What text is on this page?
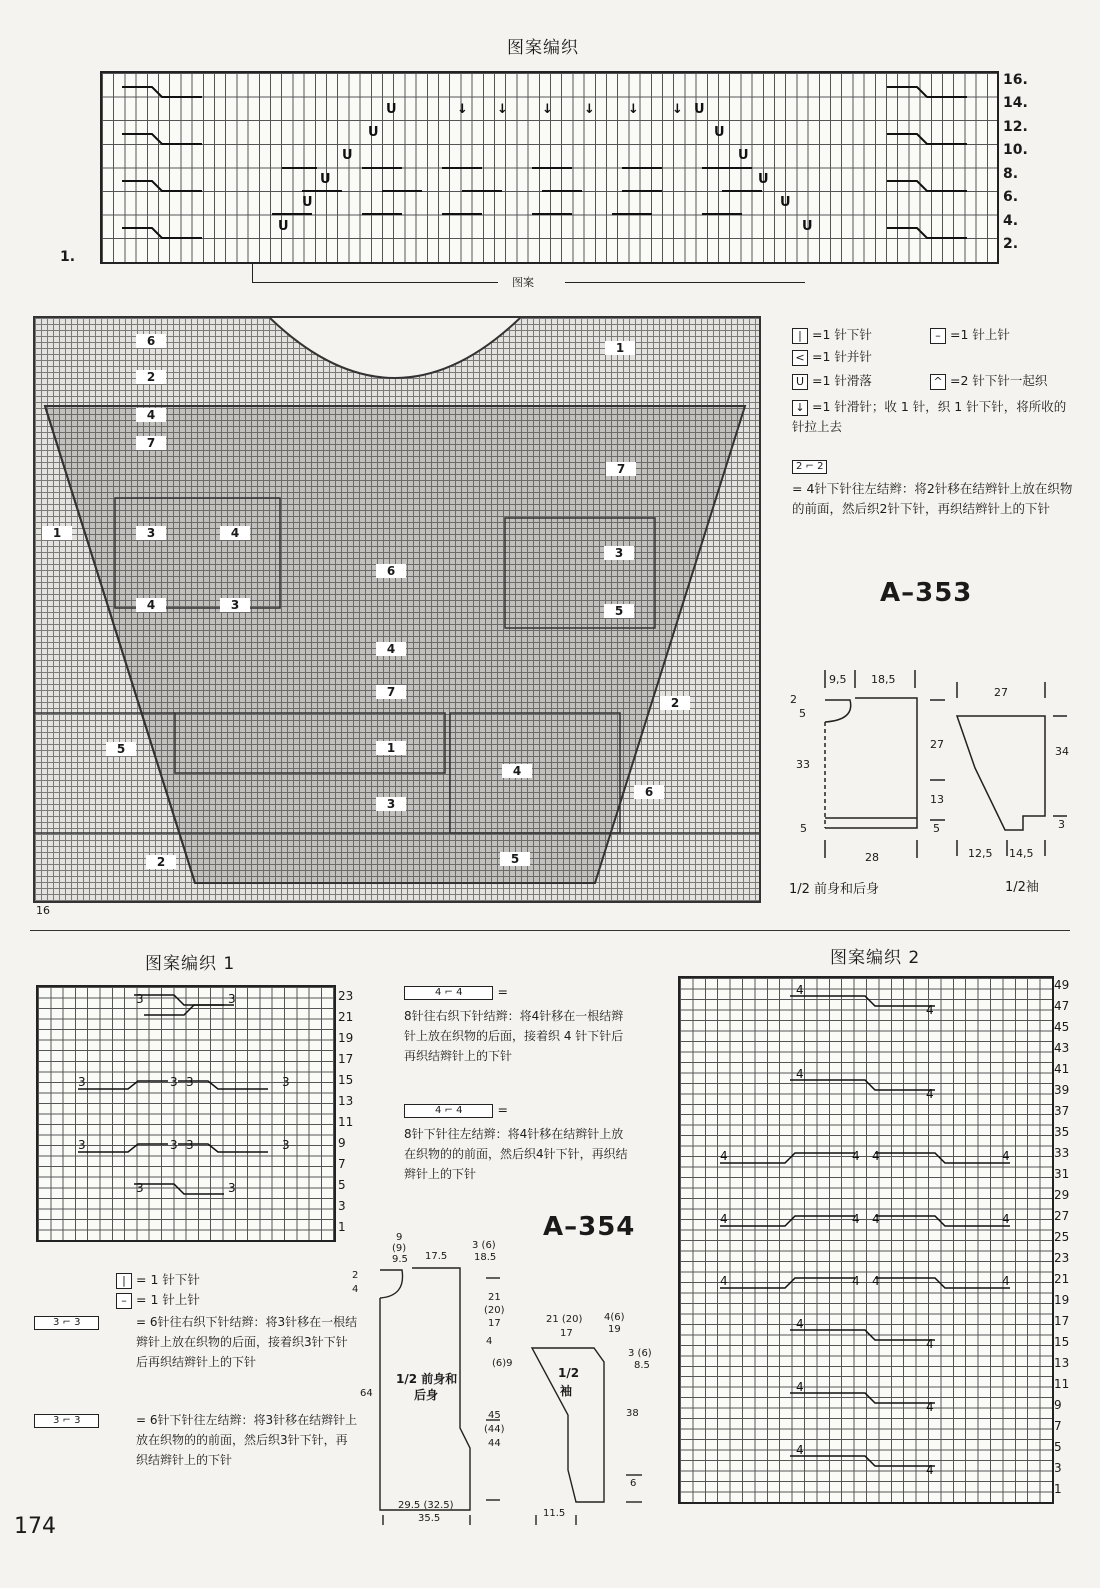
图案编织
U	U
U	U
U	U
U	U
U	U
U	U
↓ ↓	↓ ↓	↓	↓
16.
14.
12.
10.
8.
6.
4.
2.
1.
图案
6	1
2
4
7
7
1	3	4
3
6
4	3	5
4
7
2
5	1
4
6
3
2	5
16
| =1 针下针	– =1 针上针
< =1 针并针
U =1 针滑落	^ =2 针下针一起织
↓ =1 针滑针；收 1 针，织 1 针下针，将所收的针拉上去
2 ⌐ 2
= 4针下针往左结辫：将2针移在结辫针上放在织物的前面，然后织2针下针，再织结辫针上的下针
A–353
9,5 18,5
2
5
33
27
13
5	5
28
1/2 前身和后身
27
34
3
12,5 14,5
1/2袖
图案编织 1
3	3
3	3 3	3
3	3 3	3
3	3
23
21
19
17
15
13
11
9
7
5
3
1
4 ⌐ 4	=
8针往右织下针结辫：将4针移在一根结辫针上放在织物的后面，接着织 4 针下针后再织结辫针上的下针
4 ⌐ 4	=
8针下针往左结辫：将4针移在结辫针上放在织物的的前面，然后织4针下针，再织结辫针上的下针
A–354
| = 1 针下针
– = 1 针上针
3 ⌐ 3	= 6针往右织下针结辫：将3针移在一根结辫针上放在织物的后面，接着织3针下针后再织结辫针上的下针
3 ⌐ 3	= 6针下针往左结辫：将3针移在结辫针上放在织物的的前面，然后织3针下针，再织结辫针上的下针
9
(9)
9.5 17.5
3 (6)
18.5
2
4
21
(20)
17
64
1/2 前身和
后身
4
(6)9
45
(44)
44
29.5 (32.5)
35.5
21 (20)
17
4(6)
19
1/2
袖
3 (6)
8.5
38
6
11.5
图案编织 2
4
4
4
4
4	4 4	4
4	4 4	4
4	4 4	4
4
4
4
4
4
4
49
47
45
43
41
39
37
35
33
31
29
27
25
23
21
19
17
15
13
11
9
7
5
3
1
174
